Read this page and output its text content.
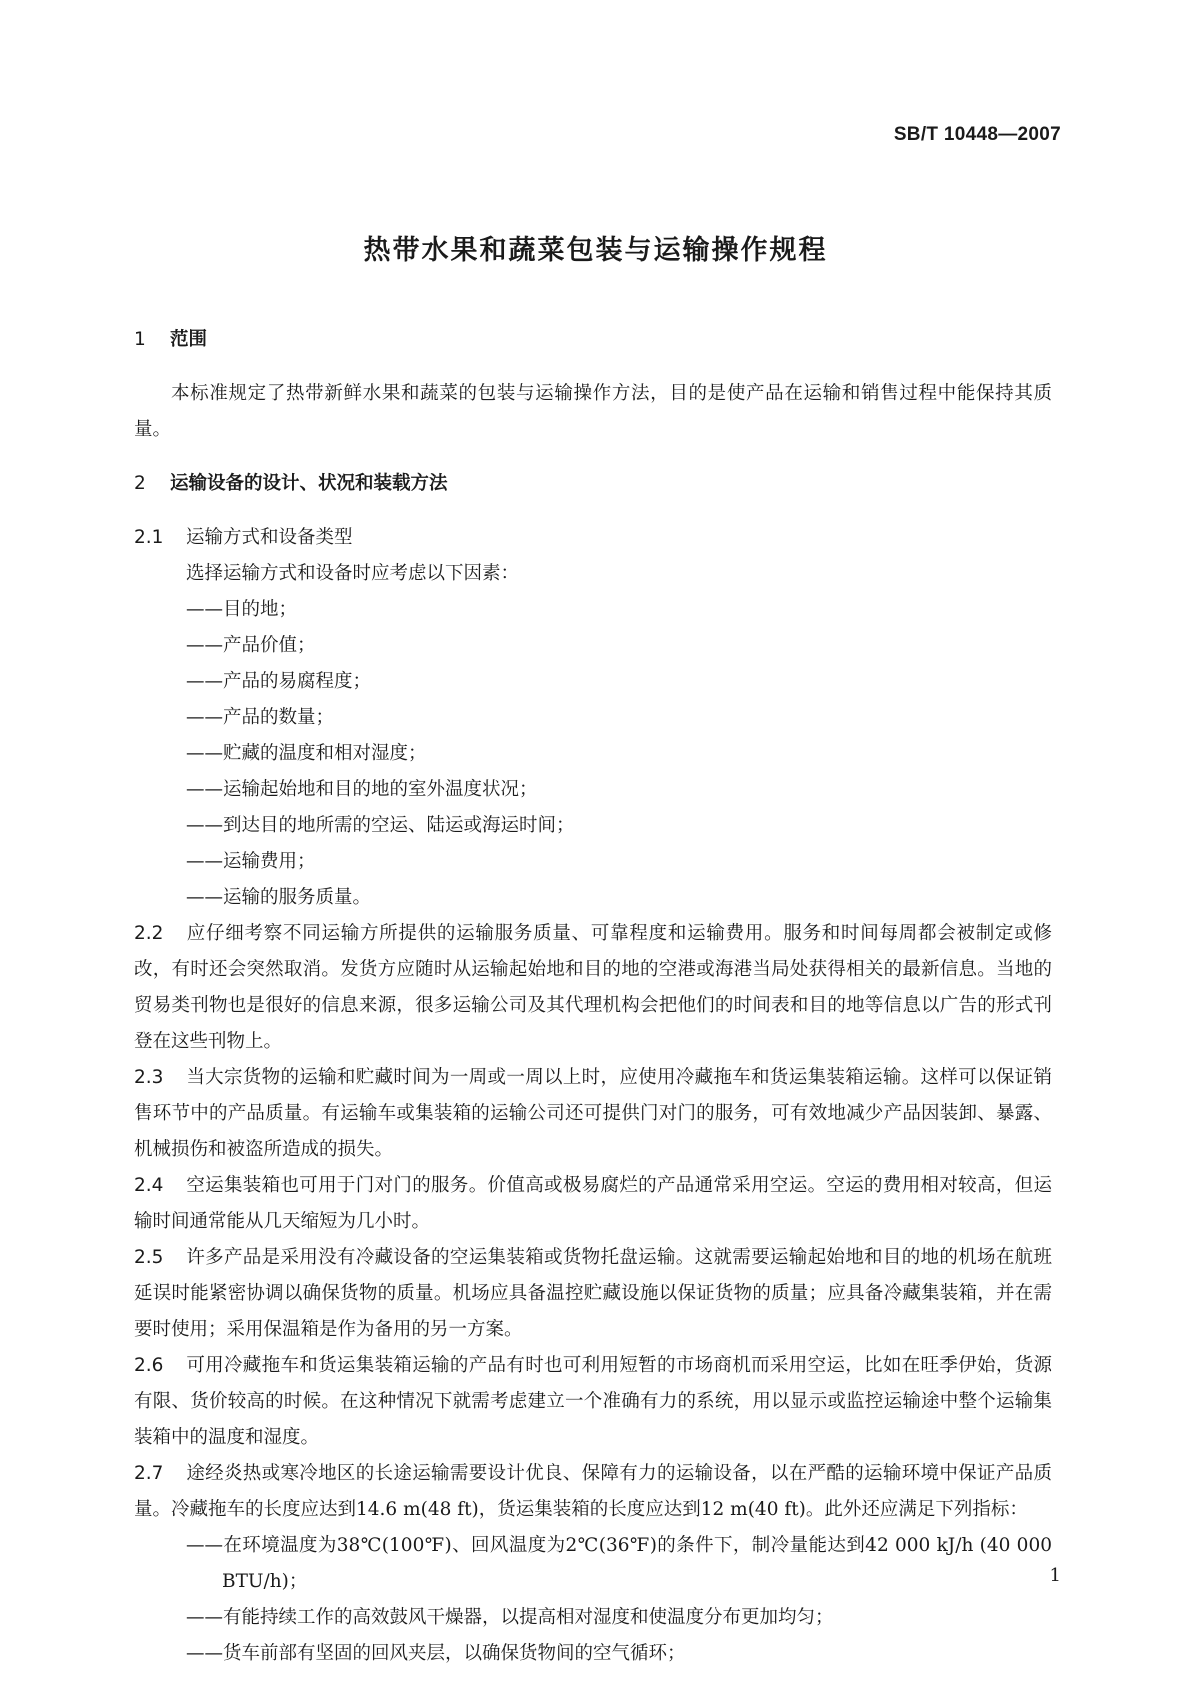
SB/T 10448—2007
热带水果和蔬菜包装与运输操作规程
1 范围

本标准规定了热带新鲜水果和蔬菜的包装与运输操作方法，目的是使产品在运输和销售过程中能保持其质量。

2 运输设备的设计、状况和装载方法

2.1 运输方式和设备类型

选择运输方式和设备时应考虑以下因素：

——目的地；

——产品价值；

——产品的易腐程度；

——产品的数量；

——贮藏的温度和相对湿度；

——运输起始地和目的地的室外温度状况；

——到达目的地所需的空运、陆运或海运时间；

——运输费用；

——运输的服务质量。

2.2 应仔细考察不同运输方所提供的运输服务质量、可靠程度和运输费用。服务和时间每周都会被制定或修改，有时还会突然取消。发货方应随时从运输起始地和目的地的空港或海港当局处获得相关的最新信息。当地的贸易类刊物也是很好的信息来源，很多运输公司及其代理机构会把他们的时间表和目的地等信息以广告的形式刊登在这些刊物上。

2.3 当大宗货物的运输和贮藏时间为一周或一周以上时，应使用冷藏拖车和货运集装箱运输。这样可以保证销售环节中的产品质量。有运输车或集装箱的运输公司还可提供门对门的服务，可有效地减少产品因装卸、暴露、机械损伤和被盗所造成的损失。

2.4 空运集装箱也可用于门对门的服务。价值高或极易腐烂的产品通常采用空运。空运的费用相对较高，但运输时间通常能从几天缩短为几小时。

2.5 许多产品是采用没有冷藏设备的空运集装箱或货物托盘运输。这就需要运输起始地和目的地的机场在航班延误时能紧密协调以确保货物的质量。机场应具备温控贮藏设施以保证货物的质量；应具备冷藏集装箱，并在需要时使用；采用保温箱是作为备用的另一方案。

2.6 可用冷藏拖车和货运集装箱运输的产品有时也可利用短暂的市场商机而采用空运，比如在旺季伊始，货源有限、货价较高的时候。在这种情况下就需考虑建立一个准确有力的系统，用以显示或监控运输途中整个运输集装箱中的温度和湿度。

2.7 途经炎热或寒冷地区的长途运输需要设计优良、保障有力的运输设备，以在严酷的运输环境中保证产品质量。冷藏拖车的长度应达到14.6 m(48 ft)，货运集装箱的长度应达到12 m(40 ft)。此外还应满足下列指标：

——在环境温度为38℃(100℉)、回风温度为2℃(36℉)的条件下，制冷量能达到42 000 kJ/h (40 000 BTU/h)；

——有能持续工作的高效鼓风干燥器，以提高相对湿度和使温度分布更加均匀；

——货车前部有坚固的回风夹层，以确保货物间的空气循环；

1
